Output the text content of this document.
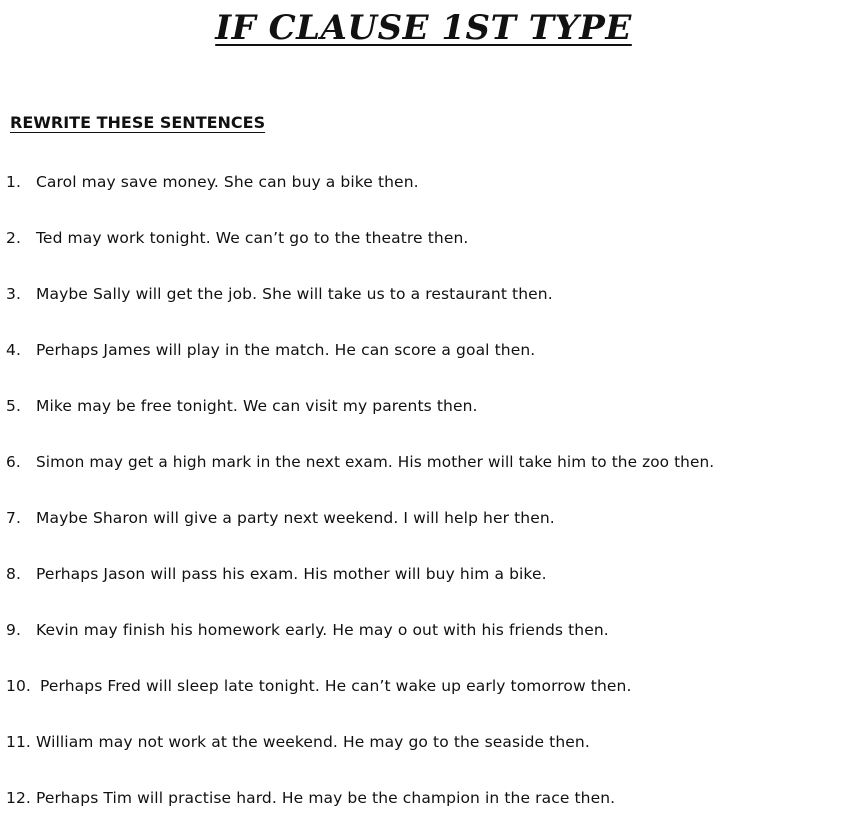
IF CLAUSE 1ST TYPE
REWRITE THESE SENTENCES
1. Carol may save money. She can buy a bike then.
2. Ted may work tonight. We can’t go to the theatre then.
3. Maybe Sally will get the job. She will take us to a restaurant then.
4. Perhaps James will play in the match. He can score a goal then.
5. Mike may be free tonight. We can visit my parents then.
6. Simon may get a high mark in the next exam. His mother will take him to the zoo then.
7. Maybe Sharon will give a party next weekend. I will help her then.
8. Perhaps Jason will pass his exam. His mother will buy him a bike.
9. Kevin may finish his homework early. He may o out with his friends then.
10. Perhaps Fred will sleep late tonight. He can’t wake up early tomorrow then.
11. William may not work at the weekend. He may go to the seaside then.
12. Perhaps Tim will practise hard. He may be the champion in the race then.
